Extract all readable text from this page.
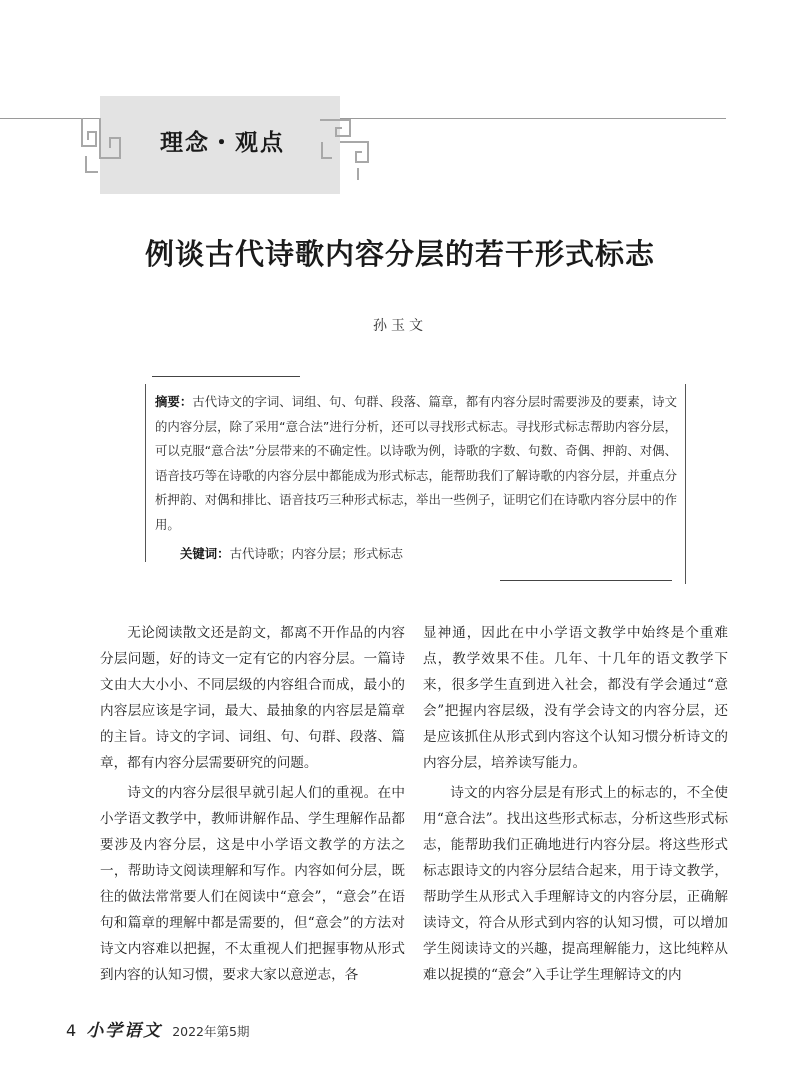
理念・观点
例谈古代诗歌内容分层的若干形式标志
孙玉文
摘要：古代诗文的字词、词组、句、句群、段落、篇章，都有内容分层时需要涉及的要素，诗文的内容分层，除了采用“意合法”进行分析，还可以寻找形式标志。寻找形式标志帮助内容分层，可以克服“意合法”分层带来的不确定性。以诗歌为例，诗歌的字数、句数、奇偶、押韵、对偶、语音技巧等在诗歌的内容分层中都能成为形式标志，能帮助我们了解诗歌的内容分层，并重点分析押韵、对偶和排比、语音技巧三种形式标志，举出一些例子，证明它们在诗歌内容分层中的作用。
关键词：古代诗歌；内容分层；形式标志

无论阅读散文还是韵文，都离不开作品的内容分层问题，好的诗文一定有它的内容分层。一篇诗文由大大小小、不同层级的内容组合而成，最小的内容层应该是字词，最大、最抽象的内容层是篇章的主旨。诗文的字词、词组、句、句群、段落、篇章，都有内容分层需要研究的问题。

诗文的内容分层很早就引起人们的重视。在中小学语文教学中，教师讲解作品、学生理解作品都要涉及内容分层，这是中小学语文教学的方法之一，帮助诗文阅读理解和写作。内容如何分层，既往的做法常常要人们在阅读中“意会”，“意会”在语句和篇章的理解中都是需要的，但“意会”的方法对诗文内容难以把握，不太重视人们把握事物从形式到内容的认知习惯，要求大家以意逆志，各

显神通，因此在中小学语文教学中始终是个重难点，教学效果不佳。几年、十几年的语文教学下来，很多学生直到进入社会，都没有学会通过“意会”把握内容层级，没有学会诗文的内容分层，还是应该抓住从形式到内容这个认知习惯分析诗文的内容分层，培养读写能力。

诗文的内容分层是有形式上的标志的，不全使用“意合法”。找出这些形式标志，分析这些形式标志，能帮助我们正确地进行内容分层。将这些形式标志跟诗文的内容分层结合起来，用于诗文教学，帮助学生从形式入手理解诗文的内容分层，正确解读诗文，符合从形式到内容的认知习惯，可以增加学生阅读诗文的兴趣，提高理解能力，这比纯粹从难以捉摸的“意会”入手让学生理解诗文的内

4 小学语文 2022年第5期
